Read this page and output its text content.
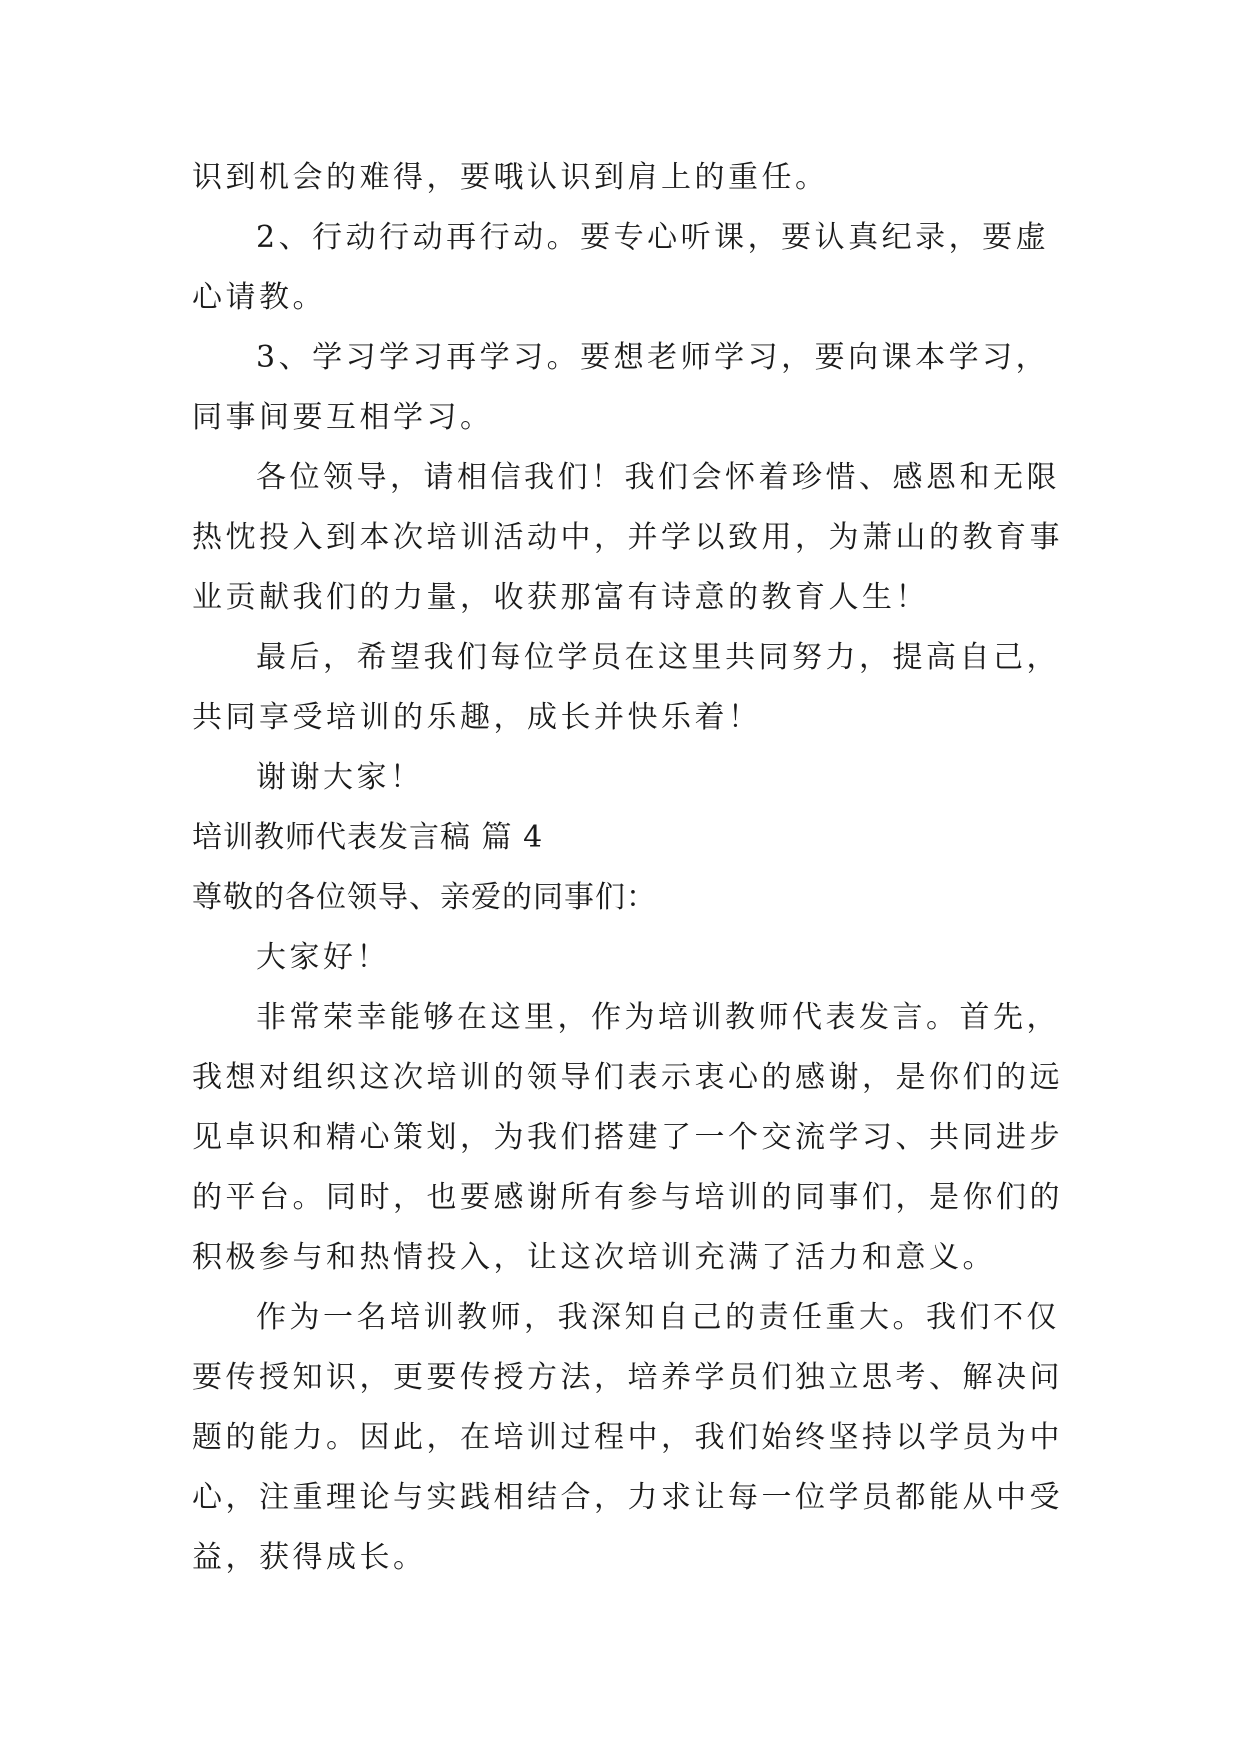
识到机会的难得，要哦认识到肩上的重任。
2、行动行动再行动。要专心听课，要认真纪录，要虚
心请教。
3、学习学习再学习。要想老师学习，要向课本学习，
同事间要互相学习。
各位领导，请相信我们！我们会怀着珍惜、感恩和无限
热忱投入到本次培训活动中，并学以致用，为萧山的教育事
业贡献我们的力量，收获那富有诗意的教育人生！
最后，希望我们每位学员在这里共同努力，提高自己，
共同享受培训的乐趣，成长并快乐着！
谢谢大家！
培训教师代表发言稿 篇 4
尊敬的各位领导、亲爱的同事们：
大家好！
非常荣幸能够在这里，作为培训教师代表发言。首先，
我想对组织这次培训的领导们表示衷心的感谢，是你们的远
见卓识和精心策划，为我们搭建了一个交流学习、共同进步
的平台。同时，也要感谢所有参与培训的同事们，是你们的
积极参与和热情投入，让这次培训充满了活力和意义。
作为一名培训教师，我深知自己的责任重大。我们不仅
要传授知识，更要传授方法，培养学员们独立思考、解决问
题的能力。因此，在培训过程中，我们始终坚持以学员为中
心，注重理论与实践相结合，力求让每一位学员都能从中受
益，获得成长。
